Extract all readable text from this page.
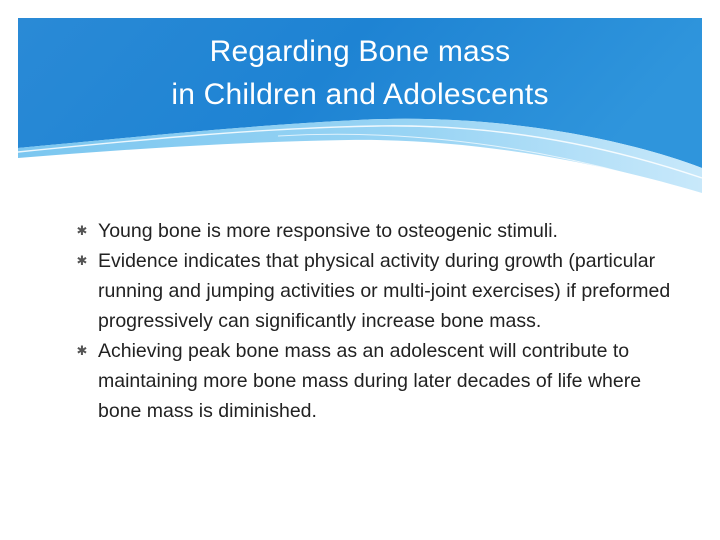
Regarding Bone mass
in Children and Adolescents
✱ Young bone is more responsive to osteogenic stimuli.
✱ Evidence indicates that physical activity during growth (particular running and jumping activities or multi-joint exercises) if preformed progressively can significantly increase bone mass.
✱ Achieving peak bone mass as an adolescent will contribute to maintaining more bone mass during later decades of life where bone mass is diminished.
